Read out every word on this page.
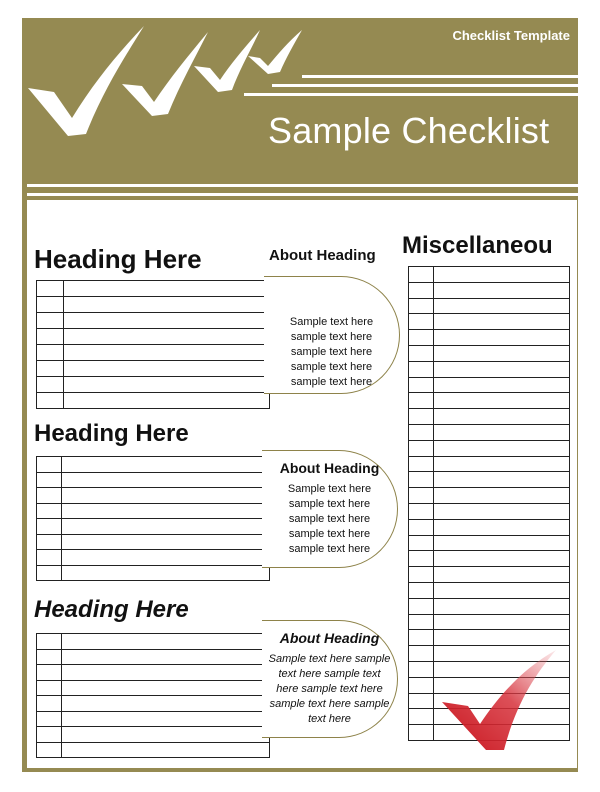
Checklist Template
Sample Checklist
Heading Here	About Heading
Sample text here
sample text here
sample text here
sample text here
sample text here
Heading Here
About Heading
Sample text here
sample text here
sample text here
sample text here
sample text here
Heading Here
About Heading
Sample text here sample
text here sample text
here sample text here
sample text here sample
text here
Miscellaneou
